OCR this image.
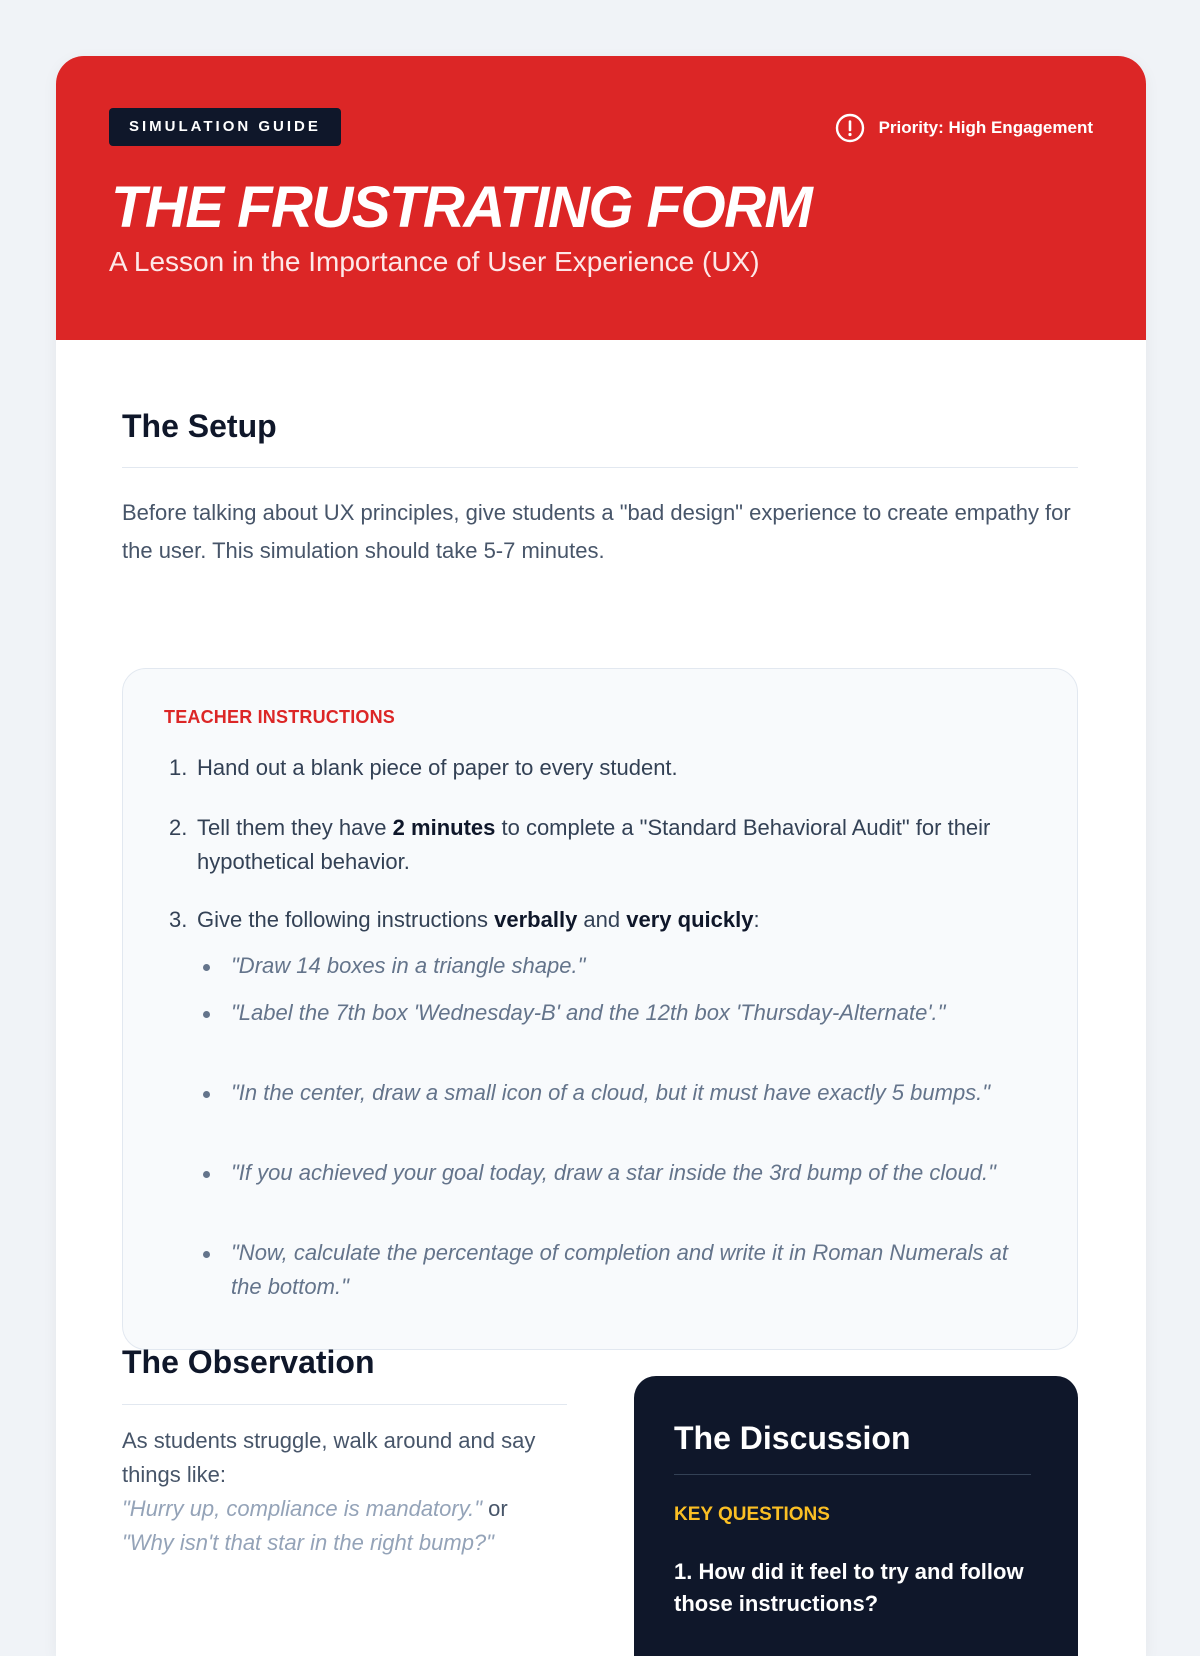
SIMULATION GUIDE	Priority: High Engagement
THE FRUSTRATING FORM
A Lesson in the Importance of User Experience (UX)
The Setup

Before talking about UX principles, give students a "bad design" experience to create empathy for the user. This simulation should take 5-7 minutes.

TEACHER INSTRUCTIONS
1. Hand out a blank piece of paper to every student.
2. Tell them they have 2 minutes to complete a "Standard Behavioral Audit" for their hypothetical behavior.
3. Give the following instructions verbally and very quickly:
"Draw 14 boxes in a triangle shape."
"Label the 7th box 'Wednesday-B' and the 12th box 'Thursday-Alternate'."
"In the center, draw a small icon of a cloud, but it must have exactly 5 bumps."
"If you achieved your goal today, draw a star inside the 3rd bump of the cloud."
"Now, calculate the percentage of completion and write it in Roman Numerals at the bottom."
The Observation
As students struggle, walk around and say things like:
"Hurry up, compliance is mandatory." or
"Why isn't that star in the right bump?"
The Discussion
KEY QUESTIONS
1. How did it feel to try and follow those instructions?
